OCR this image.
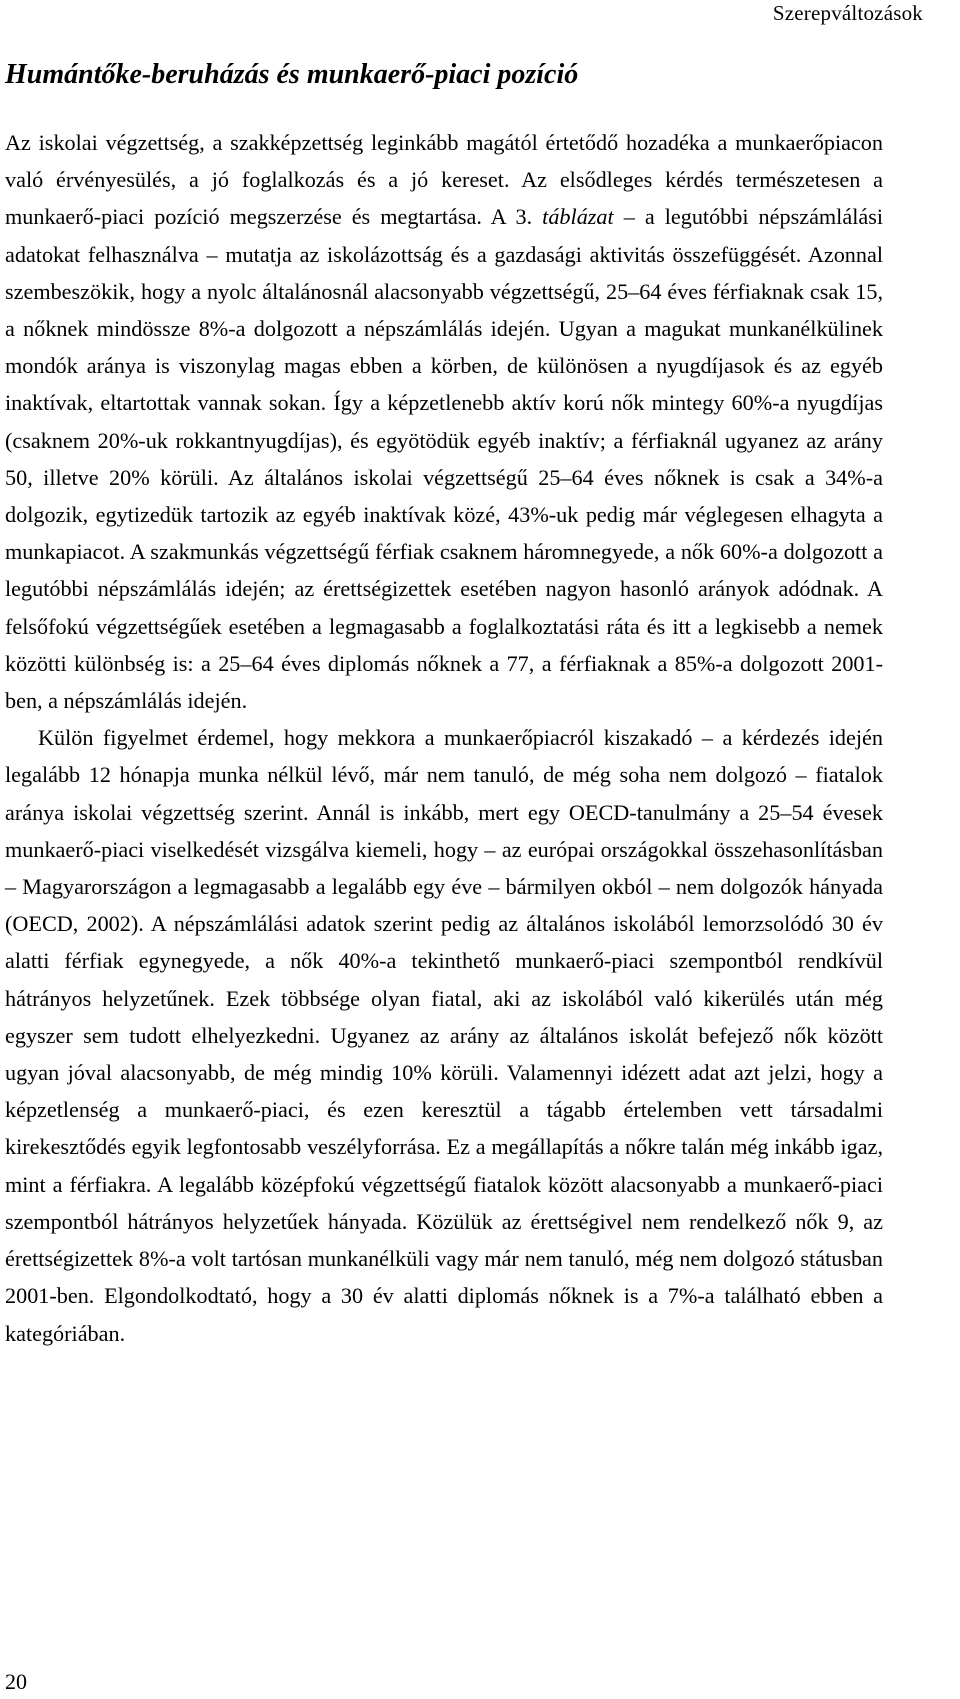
Szerepváltozások
Humántőke-beruházás és munkaerő-piaci pozíció

Az iskolai végzettség, a szakképzettség leginkább magától értetődő hozadéka a munkaerőpiacon való érvényesülés, a jó foglalkozás és a jó kereset. Az elsődleges kérdés természetesen a munkaerő-piaci pozíció megszerzése és megtartása. A 3. táblázat – a legutóbbi népszámlálási adatokat felhasználva – mutatja az iskolázottság és a gazdasági aktivitás összefüggését. Azonnal szembeszökik, hogy a nyolc általánosnál alacsonyabb végzettségű, 25–64 éves férfiaknak csak 15, a nőknek mindössze 8%-a dolgozott a népszámlálás idején. Ugyan a magukat munkanélkülinek mondók aránya is viszonylag magas ebben a körben, de különösen a nyugdíjasok és az egyéb inaktívak, eltartottak vannak sokan. Így a képzetlenebb aktív korú nők mintegy 60%-a nyugdíjas (csaknem 20%-uk rokkantnyugdíjas), és egyötödük egyéb inaktív; a férfiaknál ugyanez az arány 50, illetve 20% körüli. Az általános iskolai végzettségű 25–64 éves nőknek is csak a 34%-a dolgozik, egytizedük tartozik az egyéb inaktívak közé, 43%-uk pedig már véglegesen elhagyta a munkapiacot. A szakmunkás végzettségű férfiak csaknem háromnegyede, a nők 60%-a dolgozott a legutóbbi népszámlálás idején; az érettségizettek esetében nagyon hasonló arányok adódnak. A felsőfokú végzettségűek esetében a legmagasabb a foglalkoztatási ráta és itt a legkisebb a nemek közötti különbség is: a 25–64 éves diplomás nőknek a 77, a férfiaknak a 85%-a dolgozott 2001-ben, a népszámlálás idején.

Külön figyelmet érdemel, hogy mekkora a munkaerőpiacról kiszakadó – a kérdezés idején legalább 12 hónapja munka nélkül lévő, már nem tanuló, de még soha nem dolgozó – fiatalok aránya iskolai végzettség szerint. Annál is inkább, mert egy OECD-tanulmány a 25–54 évesek munkaerő-piaci viselkedését vizsgálva kiemeli, hogy – az európai országokkal összehasonlításban – Magyarországon a legmagasabb a legalább egy éve – bármilyen okból – nem dolgozók hányada (OECD, 2002). A népszámlálási adatok szerint pedig az általános iskolából lemorzsolódó 30 év alatti férfiak egynegyede, a nők 40%-a tekinthető munkaerő-piaci szempontból rendkívül hátrányos helyzetűnek. Ezek többsége olyan fiatal, aki az iskolából való kikerülés után még egyszer sem tudott elhelyezkedni. Ugyanez az arány az általános iskolát befejező nők között ugyan jóval alacsonyabb, de még mindig 10% körüli. Valamennyi idézett adat azt jelzi, hogy a képzetlenség a munkaerő-piaci, és ezen keresztül a tágabb értelemben vett társadalmi kirekesztődés egyik legfontosabb veszélyforrása. Ez a megállapítás a nőkre talán még inkább igaz, mint a férfiakra. A legalább középfokú végzettségű fiatalok között alacsonyabb a munkaerő-piaci szempontból hátrányos helyzetűek hányada. Közülük az érettségivel nem rendelkező nők 9, az érettségizettek 8%-a volt tartósan munkanélküli vagy már nem tanuló, még nem dolgozó státusban 2001-ben. Elgondolkodtató, hogy a 30 év alatti diplomás nőknek is a 7%-a található ebben a kategóriában.

20
